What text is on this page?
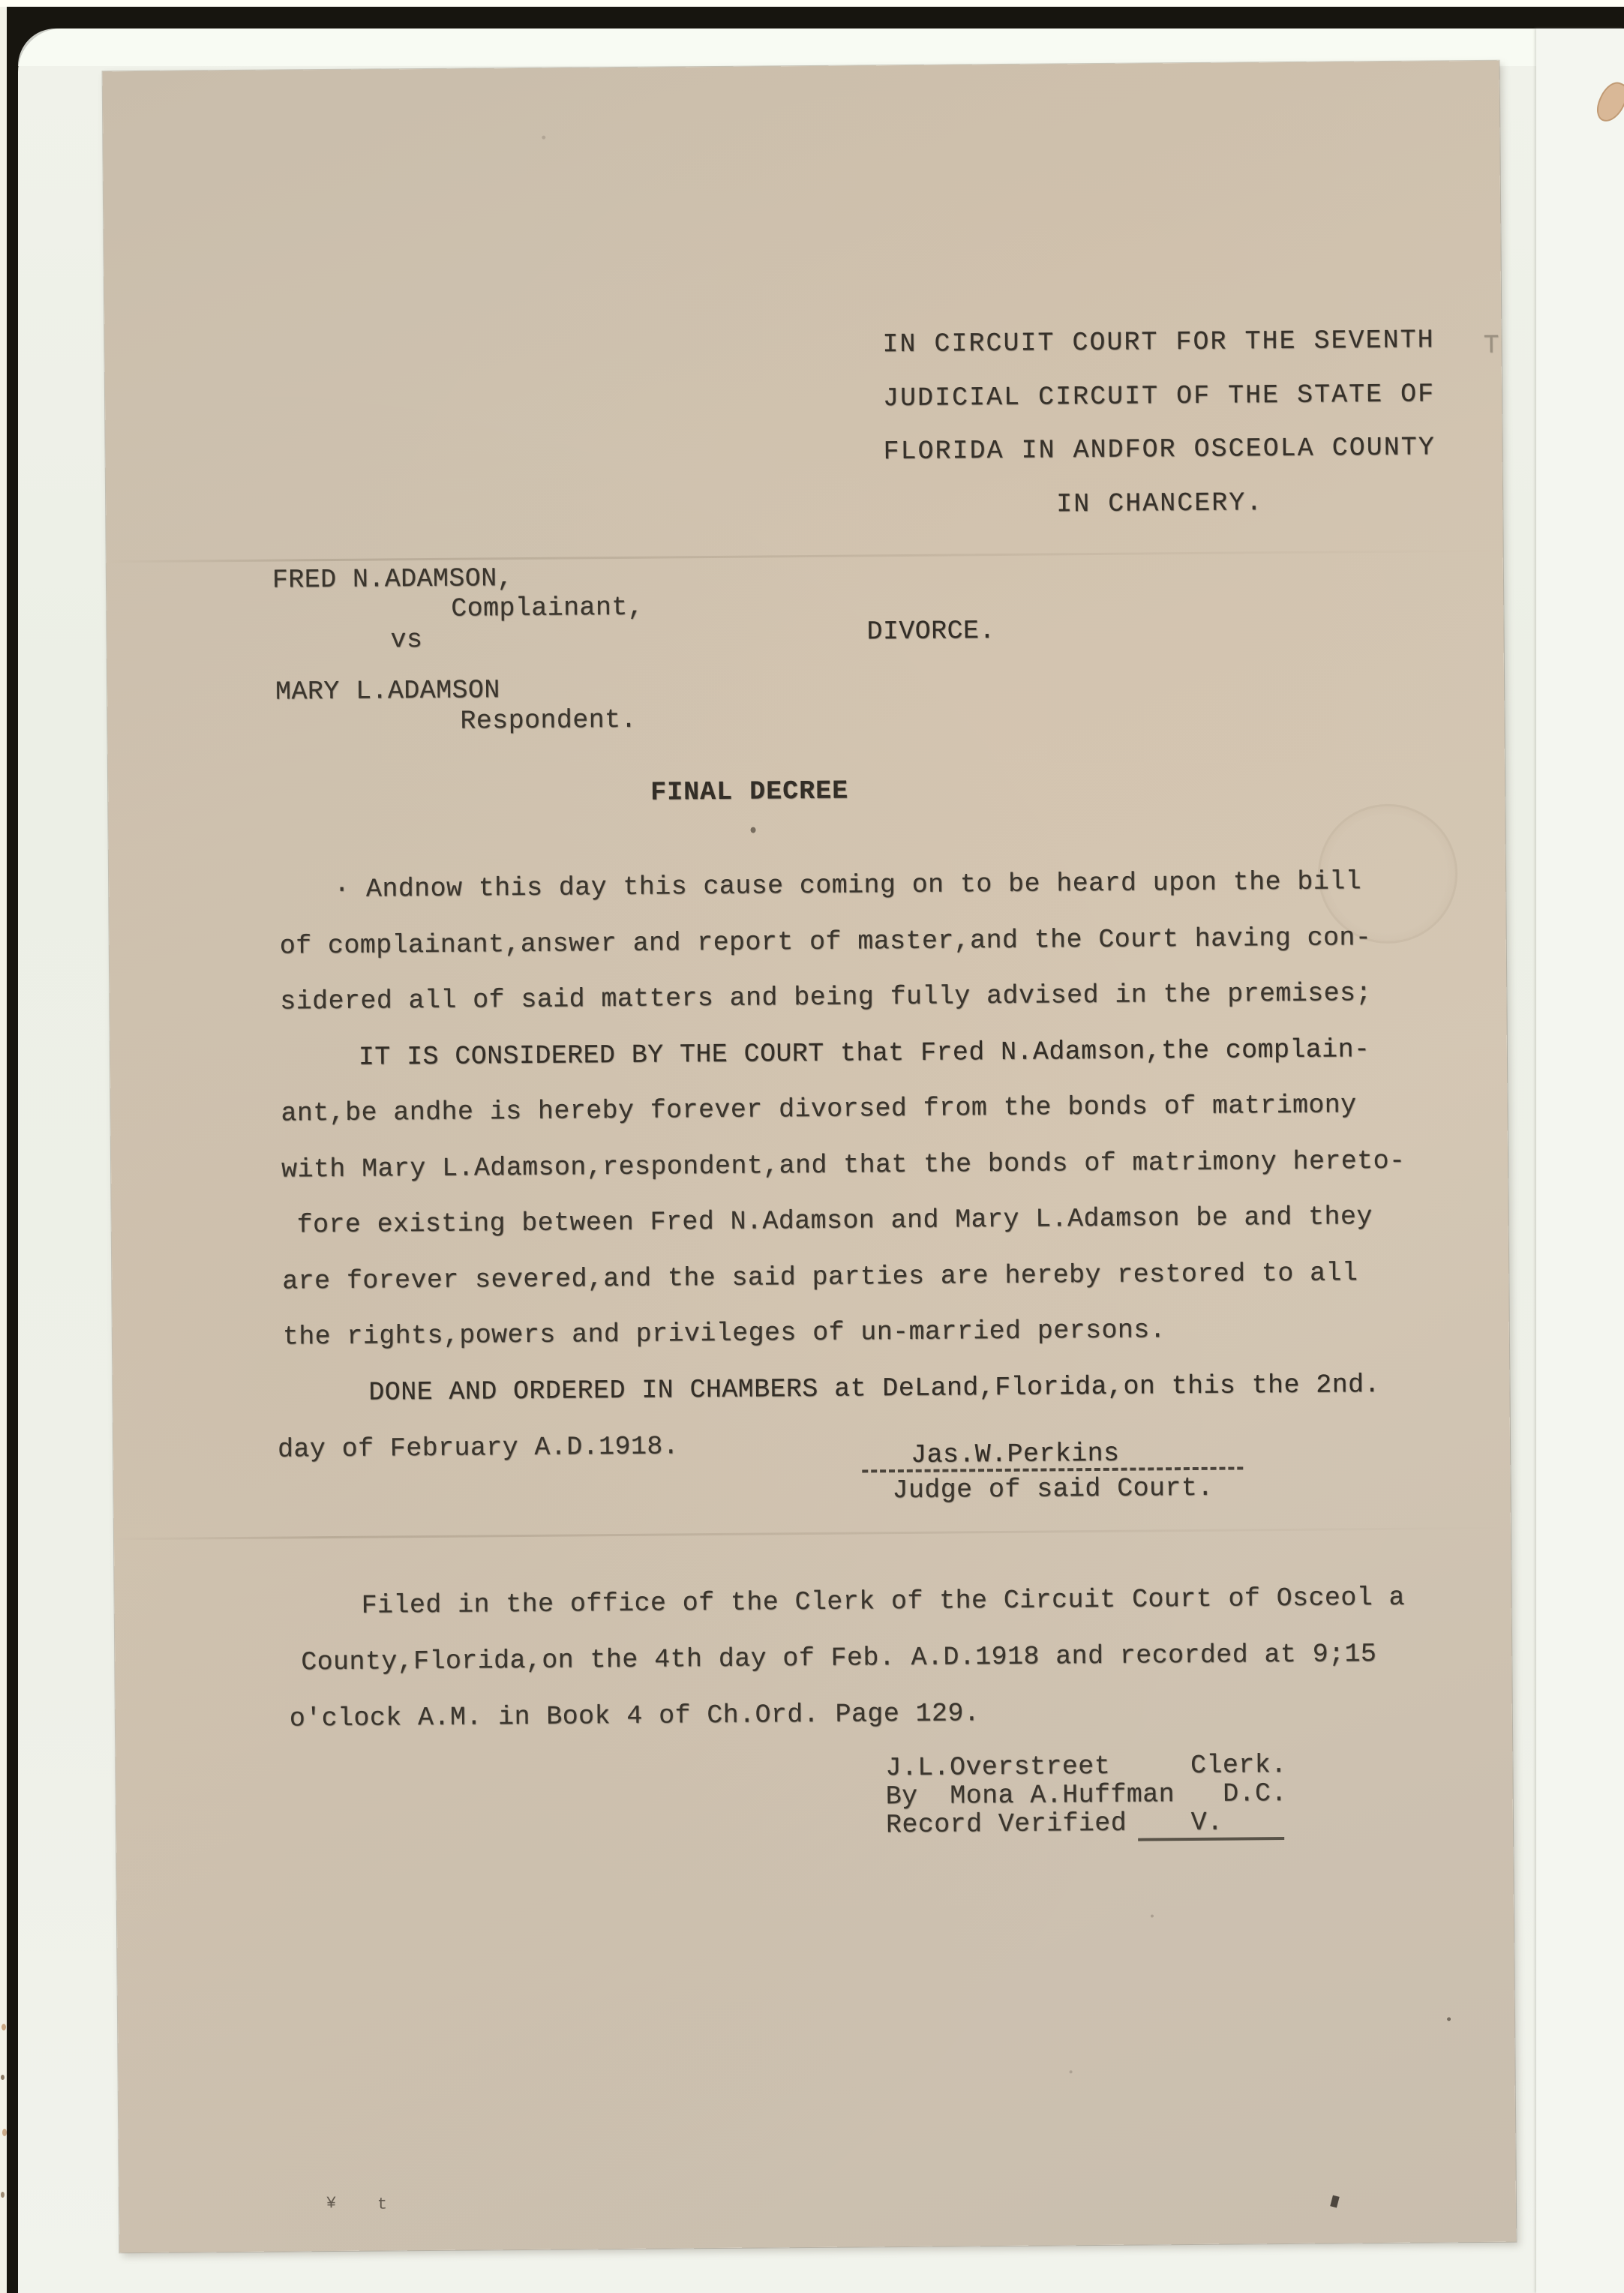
IN CIRCUIT COURT FOR THE SEVENTH
JUDICIAL CIRCUIT OF THE STATE OF
FLORIDA IN ANDFOR OSCEOLA COUNTY
IN CHANCERY.
T
FRED N.ADAMSON,
Complainant,
vs	DIVORCE.
MARY L.ADAMSON
Respondent.
FINAL DECREE
· Andnow this day this cause coming on to be heard upon the bill
of complainant,answer and report of master,and the Court having con-
sidered all of said matters and being fully advised in the premises;
IT IS CONSIDERED BY THE COURT that Fred N.Adamson,the complain-
ant,be andhe is hereby forever divorsed from the bonds of matrimony
with Mary L.Adamson,respondent,and that the bonds of matrimony hereto-
fore existing between Fred N.Adamson and Mary L.Adamson be and they
are forever severed,and the said parties are hereby restored to all
the rights,powers and privileges of un-married persons.
DONE AND ORDERED IN CHAMBERS at DeLand,Florida,on this the 2nd.
day of February A.D.1918.	Jas.W.Perkins
Judge of said Court.
Filed in the office of the Clerk of the Circuit Court of Osceol a
County,Florida,on the 4th day of Feb. A.D.1918 and recorded at 9;15
o'clock A.M. in Book 4 of Ch.Ord. Page 129.
J.L.Overstreet     Clerk.
By  Mona A.Huffman   D.C.
Record Verified    V.
¥ t
